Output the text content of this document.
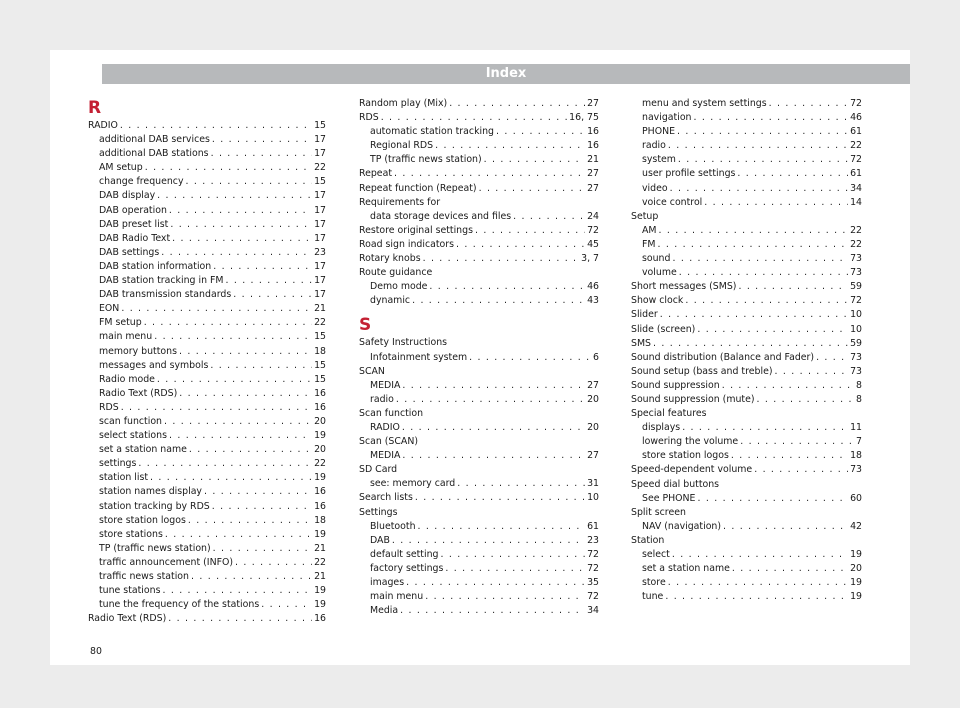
Index
R
RADIO . . .	15
additional DAB services . . .	17
additional DAB stations . . .	17
AM setup . . .	22
change frequency . . .	15
DAB display . . .	17
DAB operation . . .	17
DAB preset list . . .	17
DAB Radio Text . . .	17
DAB settings . . .	23
DAB station information . . .	17
DAB station tracking in FM . . .	17
DAB transmission standards . . .	17
EON . . .	21
FM setup . . .	22
main menu . . .	15
memory buttons . . .	18
messages and symbols . . .	15
Radio mode . . .	15
Radio Text (RDS) . . .	16
RDS . . .	16
scan function . . .	20
select stations . . .	19
set a station name . . .	20
settings . . .	22
station list . . .	19
station names display . . .	16
station tracking by RDS . . .	16
store station logos . . .	18
store stations . . .	19
TP (traffic news station) . . .	21
traffic announcement (INFO) . . .	22
traffic news station . . .	21
tune stations . . .	19
tune the frequency of the stations . . .	19
Radio Text (RDS) . . .	16
Random play (Mix) . . .	27
RDS . . .	16, 75
automatic station tracking . . .	16
Regional RDS . . .	16
TP (traffic news station) . . .	21
Repeat . . .	27
Repeat function (Repeat) . . .	27
Requirements for
data storage devices and files . . .	24
Restore original settings . . .	72
Road sign indicators . . .	45
Rotary knobs . . .	3, 7
Route guidance
Demo mode . . .	46
dynamic . . .	43
S
Safety Instructions
Infotainment system . . .	6
SCAN
MEDIA . . .	27
radio . . .	20
Scan function
RADIO . . .	20
Scan (SCAN)
MEDIA . . .	27
SD Card
see: memory card . . .	31
Search lists . . .	10
Settings
Bluetooth . . .	61
DAB . . .	23
default setting . . .	72
factory settings . . .	72
images . . .	35
main menu . . .	72
Media . . .	34
menu and system settings . . .	72
navigation . . .	46
PHONE . . .	61
radio . . .	22
system . . .	72
user profile settings . . .	61
video . . .	34
voice control . . .	14
Setup
AM . . .	22
FM . . .	22
sound . . .	73
volume . . .	73
Short messages (SMS) . . .	59
Show clock . . .	72
Slider . . .	10
Slide (screen) . . .	10
SMS . . .	59
Sound distribution (Balance and Fader) . . .	73
Sound setup (bass and treble) . . .	73
Sound suppression . . .	8
Sound suppression (mute) . . .	8
Special features
displays . . .	11
lowering the volume . . .	7
store station logos . . .	18
Speed-dependent volume . . .	73
Speed dial buttons
See PHONE . . .	60
Split screen
NAV (navigation) . . .	42
Station
select . . .	19
set a station name . . .	20
store . . .	19
tune . . .	19
80
